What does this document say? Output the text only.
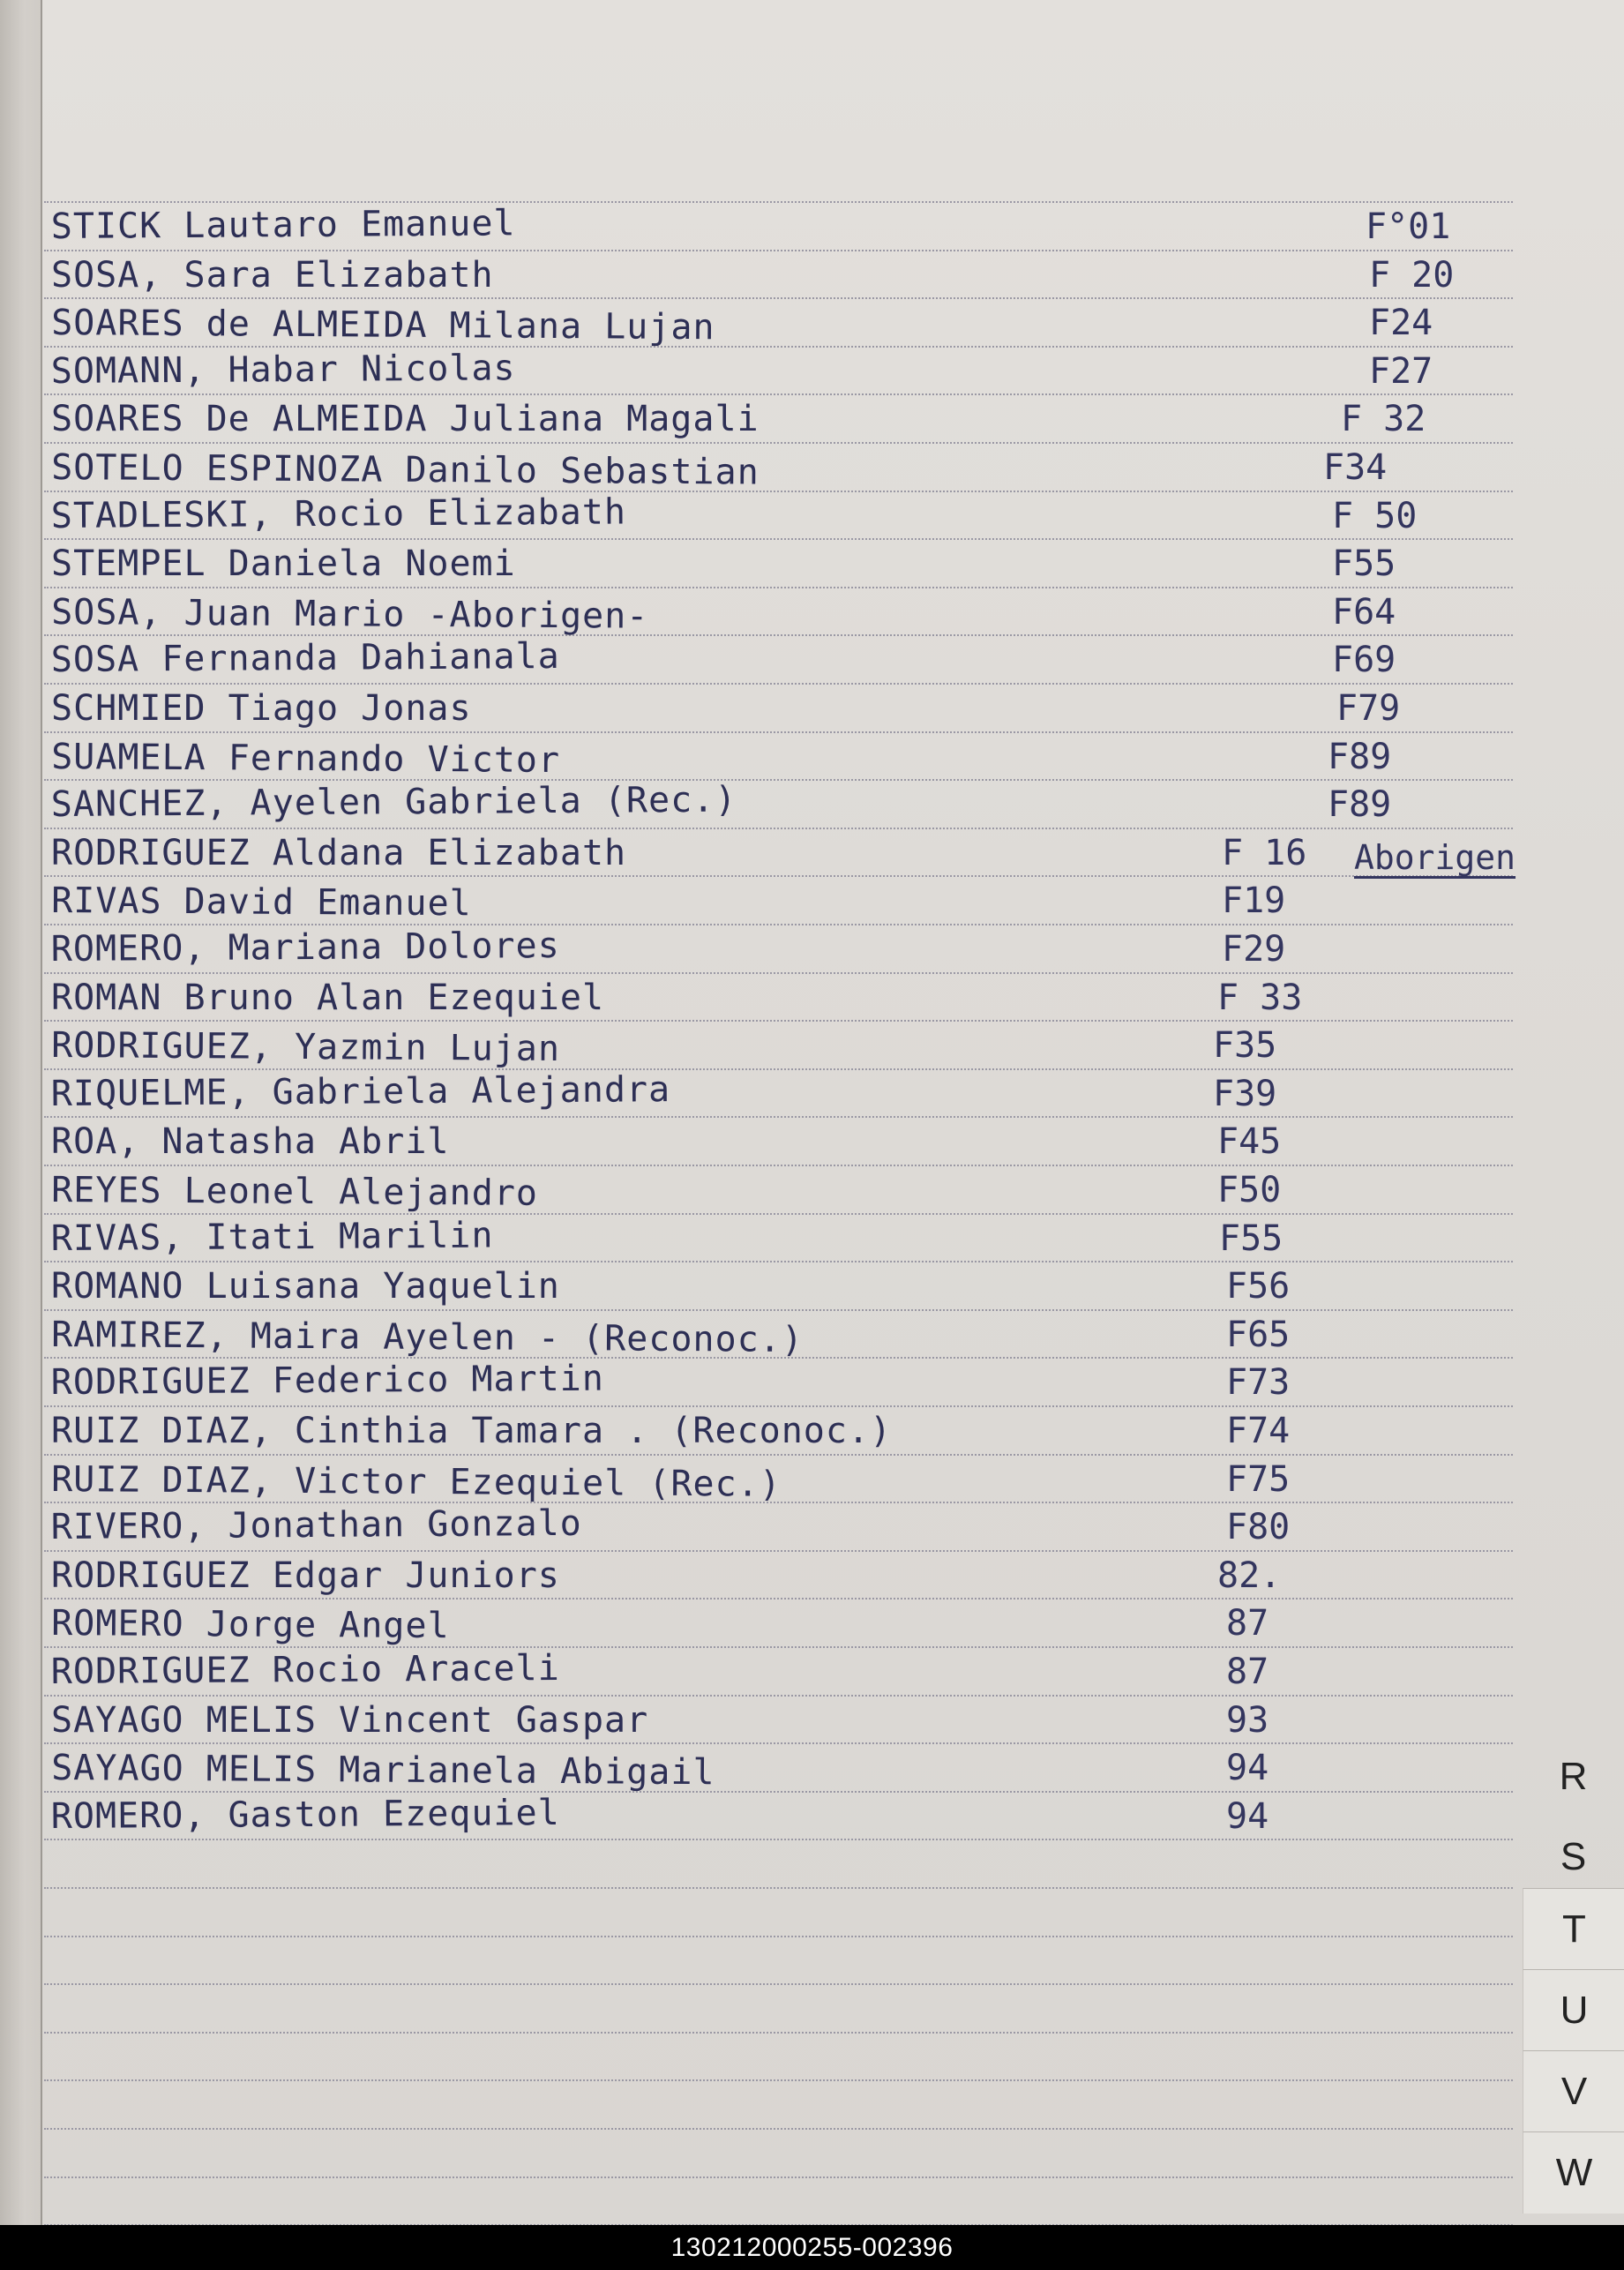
STICK Lautaro Emanuel	F°01
SOSA, Sara Elizabath	F 20
SOARES de ALMEIDA Milana Lujan	F24
SOMANN, Habar Nicolas	F27
SOARES De ALMEIDA Juliana Magali	F 32
SOTELO ESPINOZA Danilo Sebastian	F34
STADLESKI, Rocio Elizabath	F 50
STEMPEL Daniela Noemi	F55
SOSA, Juan Mario -Aborigen-	F64
SOSA Fernanda Dahianala	F69
SCHMIED Tiago Jonas	F79
SUAMELA Fernando Victor	F89
SANCHEZ, Ayelen Gabriela (Rec.)	F89
RODRIGUEZ Aldana Elizabath	F 16 Aborigen
RIVAS David Emanuel	F19
ROMERO, Mariana Dolores	F29
ROMAN Bruno Alan Ezequiel	F 33
RODRIGUEZ, Yazmin Lujan	F35
RIQUELME, Gabriela Alejandra	F39
ROA, Natasha Abril	F45
REYES Leonel Alejandro	F50
RIVAS, Itati Marilin	F55
ROMANO Luisana Yaquelin	F56
RAMIREZ, Maira Ayelen - (Reconoc.)	F65
RODRIGUEZ Federico Martin	F73
RUIZ DIAZ, Cinthia Tamara . (Reconoc.)	F74
RUIZ DIAZ, Victor Ezequiel (Rec.)	F75
RIVERO, Jonathan Gonzalo	F80
RODRIGUEZ Edgar Juniors	82.
ROMERO Jorge Angel	87
RODRIGUEZ Rocio Araceli	87
SAYAGO MELIS Vincent Gaspar	93
SAYAGO MELIS Marianela Abigail	94
ROMERO, Gaston Ezequiel	94
R
S
T
U
V
W
130212000255-002396
